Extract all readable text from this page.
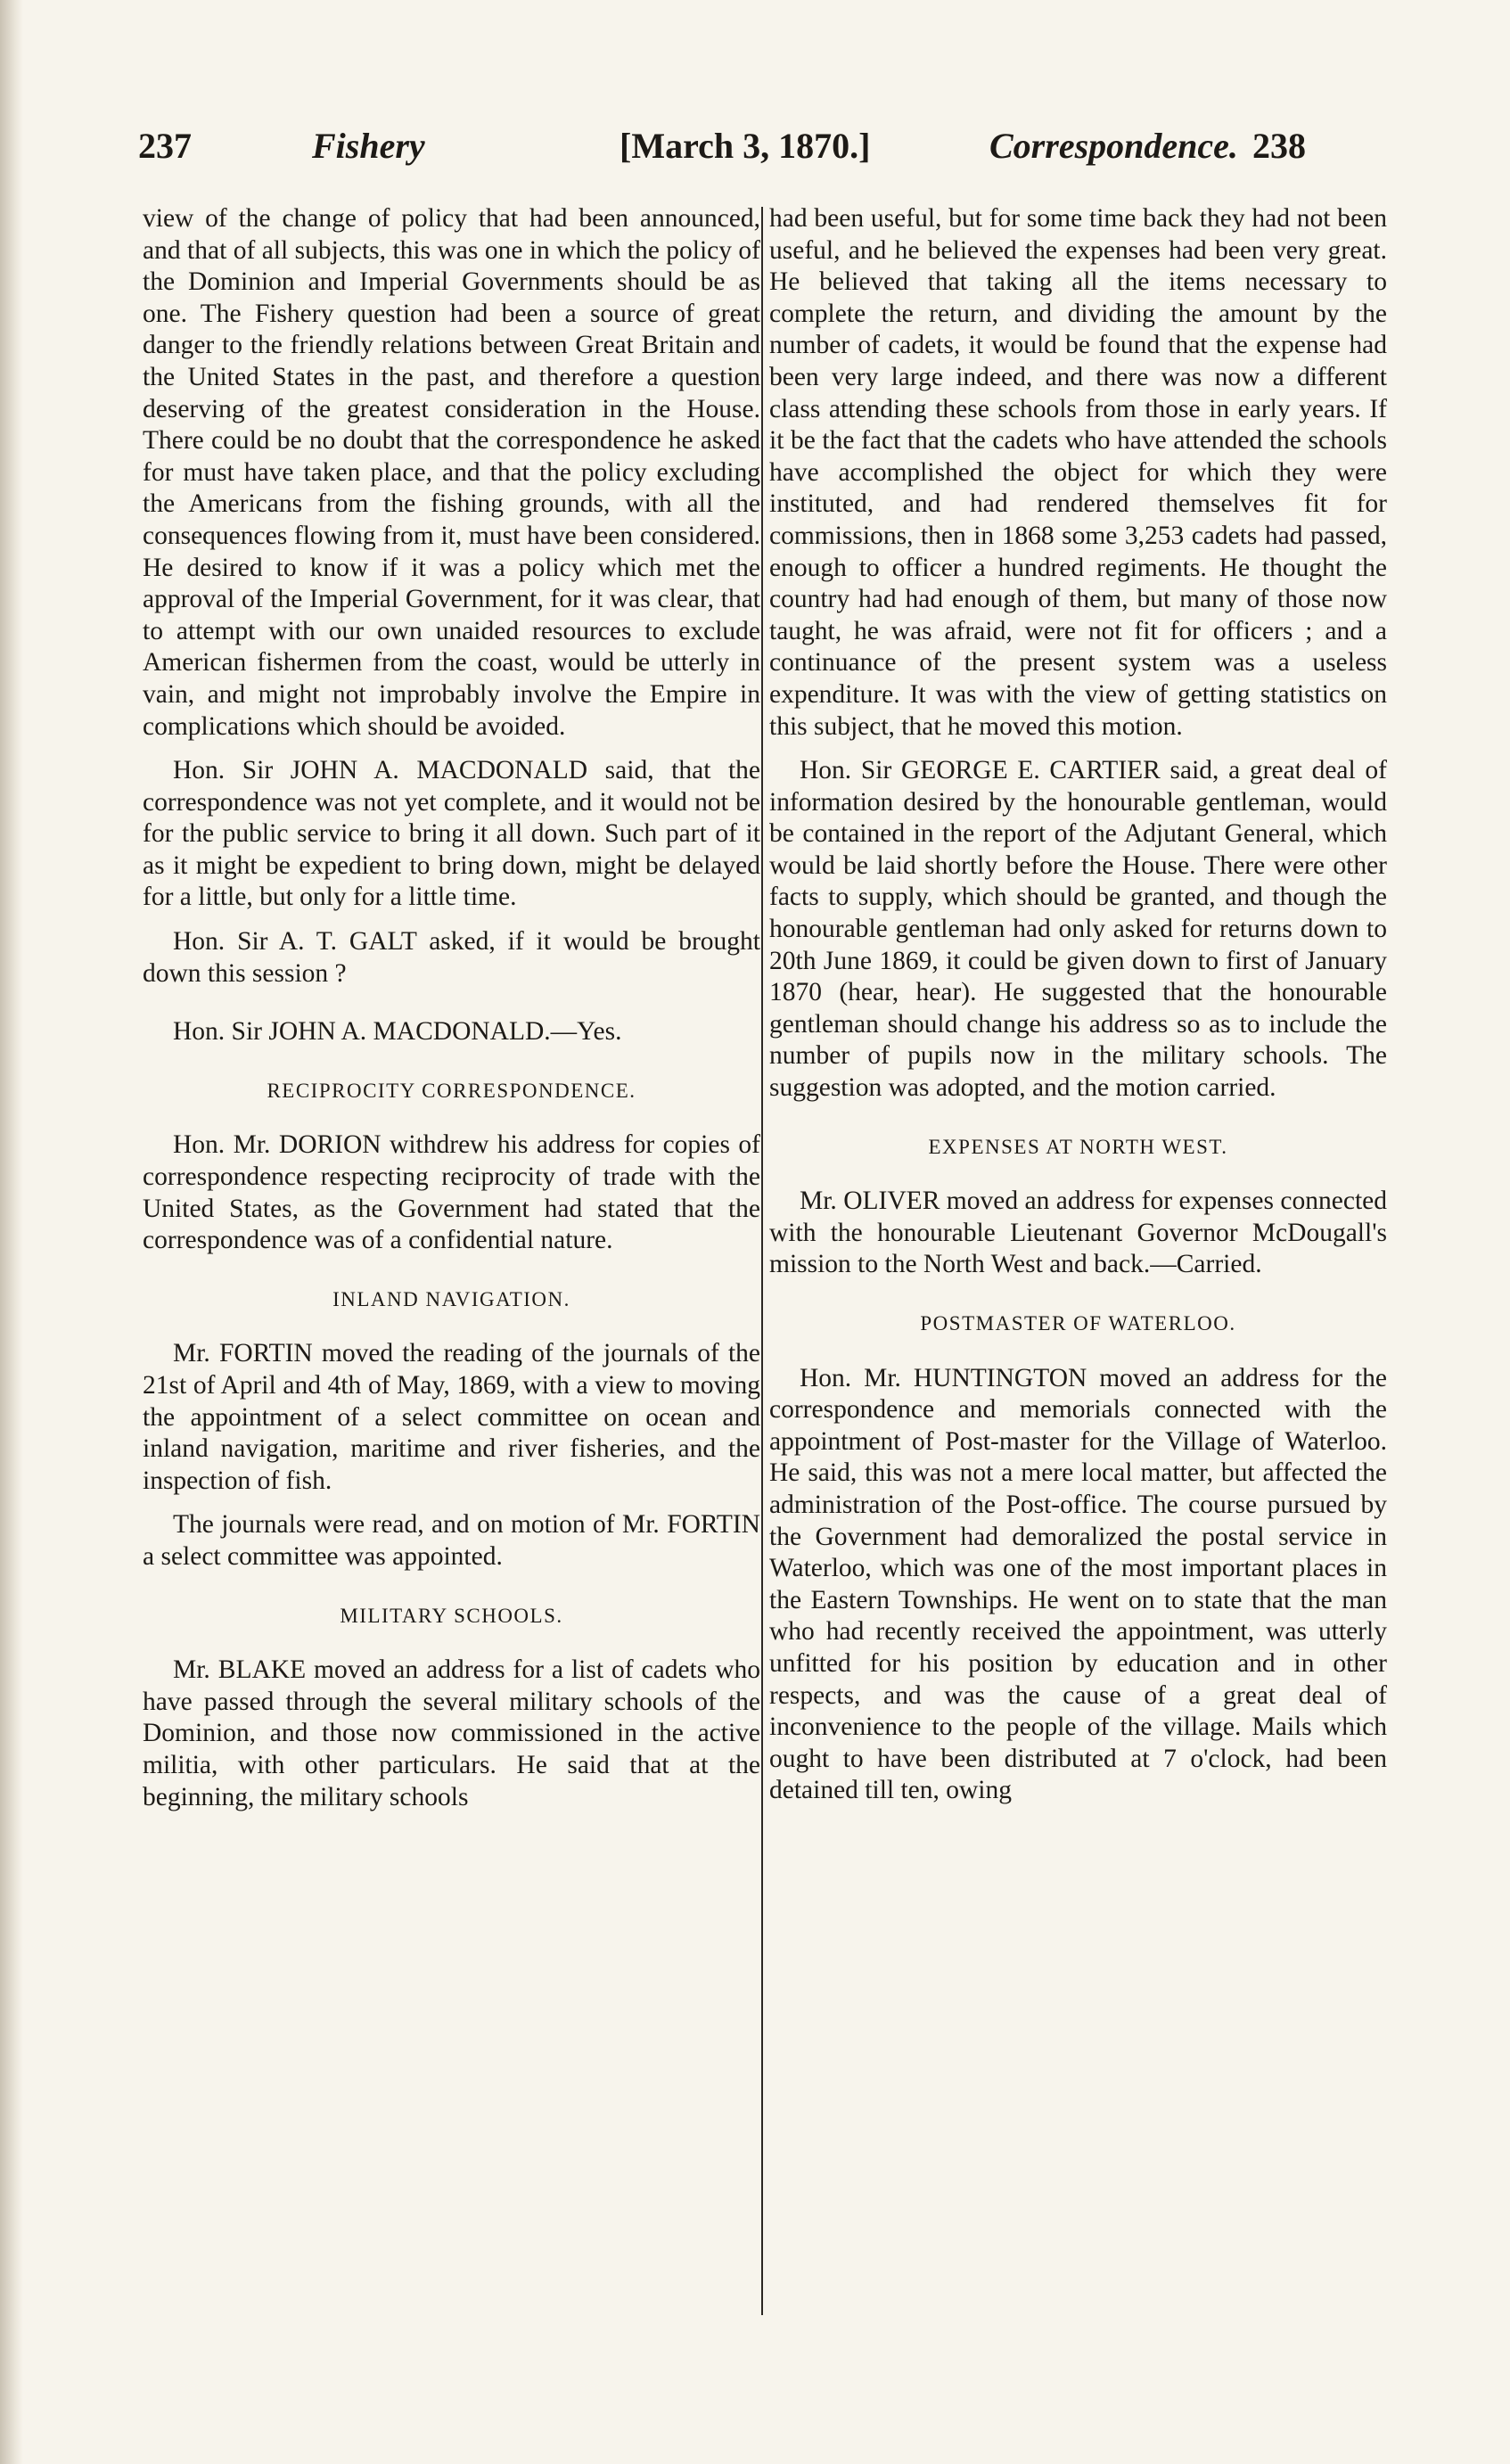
237	Fishery	[March 3, 1870.]	Correspondence. 238

view of the change of policy that had been announced, and that of all subjects, this was one in which the policy of the Dominion and Imperial Governments should be as one. The Fishery question had been a source of great danger to the friendly relations between Great Britain and the United States in the past, and therefore a question deserving of the greatest consideration in the House. There could be no doubt that the correspondence he asked for must have taken place, and that the policy excluding the Americans from the fishing grounds, with all the consequences flowing from it, must have been considered. He desired to know if it was a policy which met the approval of the Imperial Government, for it was clear, that to attempt with our own unaided resources to exclude American fishermen from the coast, would be utterly in vain, and might not improbably involve the Empire in complications which should be avoided.

Hon. Sir JOHN A. MACDONALD said, that the correspondence was not yet complete, and it would not be for the public service to bring it all down. Such part of it as it might be expedient to bring down, might be delayed for a little, but only for a little time.

Hon. Sir A. T. GALT asked, if it would be brought down this session ?

Hon. Sir JOHN A. MACDONALD.—Yes.

RECIPROCITY CORRESPONDENCE.

Hon. Mr. DORION withdrew his address for copies of correspondence respecting reciprocity of trade with the United States, as the Government had stated that the correspondence was of a confidential nature.

INLAND NAVIGATION.

Mr. FORTIN moved the reading of the journals of the 21st of April and 4th of May, 1869, with a view to moving the appointment of a select committee on ocean and inland navigation, maritime and river fisheries, and the inspection of fish.

The journals were read, and on motion of Mr. FORTIN a select committee was appointed.

MILITARY SCHOOLS.

Mr. BLAKE moved an address for a list of cadets who have passed through the several military schools of the Dominion, and those now commissioned in the active militia, with other particulars. He said that at the beginning, the military schools

had been useful, but for some time back they had not been useful, and he believed the expenses had been very great. He believed that taking all the items necessary to complete the return, and dividing the amount by the number of cadets, it would be found that the expense had been very large indeed, and there was now a different class attending these schools from those in early years. If it be the fact that the cadets who have attended the schools have accomplished the object for which they were instituted, and had rendered themselves fit for commissions, then in 1868 some 3,253 cadets had passed, enough to officer a hundred regiments. He thought the country had had enough of them, but many of those now taught, he was afraid, were not fit for officers ; and a continuance of the present system was a useless expenditure. It was with the view of getting statistics on this subject, that he moved this motion.

Hon. Sir GEORGE E. CARTIER said, a great deal of information desired by the honourable gentleman, would be contained in the report of the Adjutant General, which would be laid shortly before the House. There were other facts to supply, which should be granted, and though the honourable gentleman had only asked for returns down to 20th June 1869, it could be given down to first of January 1870 (hear, hear). He suggested that the honourable gentleman should change his address so as to include the number of pupils now in the military schools. The suggestion was adopted, and the motion carried.

EXPENSES AT NORTH WEST.

Mr. OLIVER moved an address for expenses connected with the honourable Lieutenant Governor McDougall's mission to the North West and back.—Carried.

POSTMASTER OF WATERLOO.

Hon. Mr. HUNTINGTON moved an address for the correspondence and memorials connected with the appointment of Post-master for the Village of Waterloo. He said, this was not a mere local matter, but affected the administration of the Post-office. The course pursued by the Government had demoralized the postal service in Waterloo, which was one of the most important places in the Eastern Townships. He went on to state that the man who had recently received the appointment, was utterly unfitted for his position by education and in other respects, and was the cause of a great deal of inconvenience to the people of the village. Mails which ought to have been distributed at 7 o'clock, had been detained till ten, owing
